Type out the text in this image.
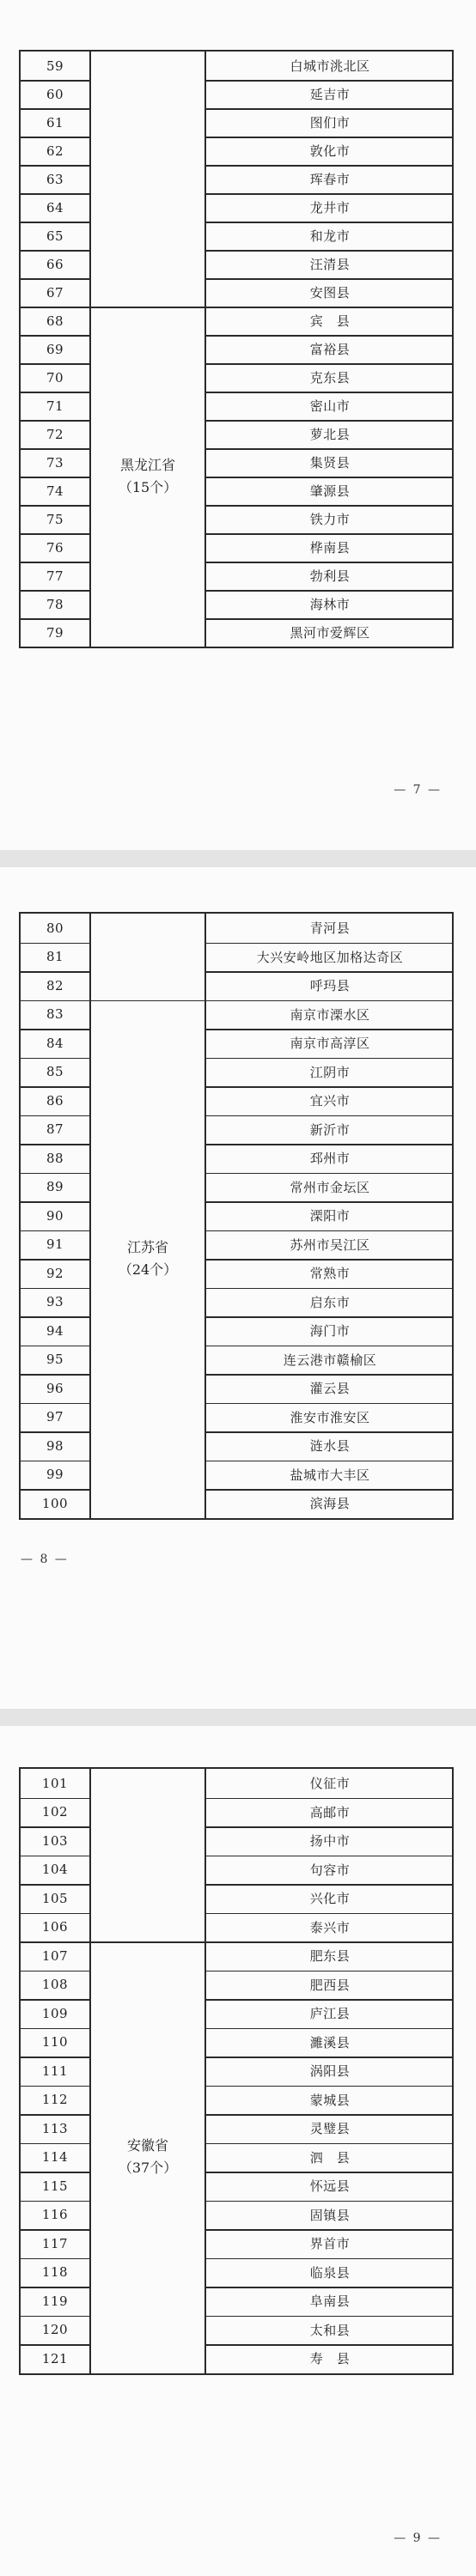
59
60
61
62
63
64
65
66
67
68
69
70
71
72
73
74
75
76
77
78
79
黑龙江省
（15个）
白城市洮北区
延吉市
图们市
敦化市
珲春市
龙井市
和龙市
汪清县
安图县
宾　县
富裕县
克东县
密山市
萝北县
集贤县
肇源县
铁力市
桦南县
勃利县
海林市
黑河市爱辉区
— 7 —
80
81
82
83
84
85
86
87
88
89
90
91
92
93
94
95
96
97
98
99
100
江苏省
（24个）
青河县
大兴安岭地区加格达奇区
呼玛县
南京市溧水区
南京市高淳区
江阴市
宜兴市
新沂市
邳州市
常州市金坛区
溧阳市
苏州市吴江区
常熟市
启东市
海门市
连云港市赣榆区
灌云县
淮安市淮安区
涟水县
盐城市大丰区
滨海县
— 8 —
101
102
103
104
105
106
107
108
109
110
111
112
113
114
115
116
117
118
119
120
121
安徽省
（37个）
仪征市
高邮市
扬中市
句容市
兴化市
泰兴市
肥东县
肥西县
庐江县
濉溪县
涡阳县
蒙城县
灵璧县
泗　县
怀远县
固镇县
界首市
临泉县
阜南县
太和县
寿　县
— 9 —
